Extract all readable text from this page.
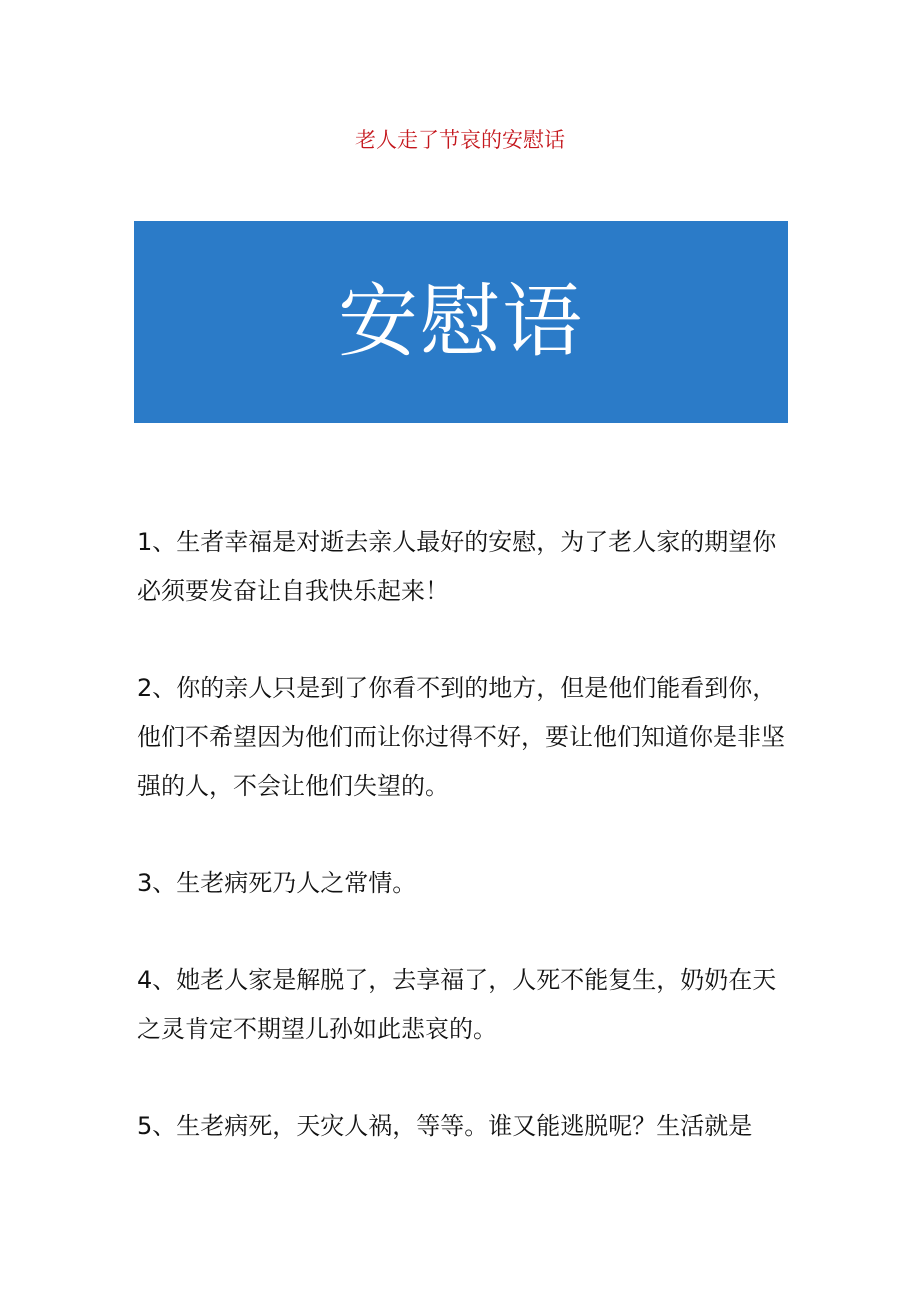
老人走了节哀的安慰话
安慰语

1、生者幸福是对逝去亲人最好的安慰，为了老人家的期望你必须要发奋让自我快乐起来！

2、你的亲人只是到了你看不到的地方，但是他们能看到你，他们不希望因为他们而让你过得不好，要让他们知道你是非坚强的人，不会让他们失望的。

3、生老病死乃人之常情。

4、她老人家是解脱了，去享福了，人死不能复生，奶奶在天之灵肯定不期望儿孙如此悲哀的。

5、生老病死，天灾人祸，等等。谁又能逃脱呢？生活就是
